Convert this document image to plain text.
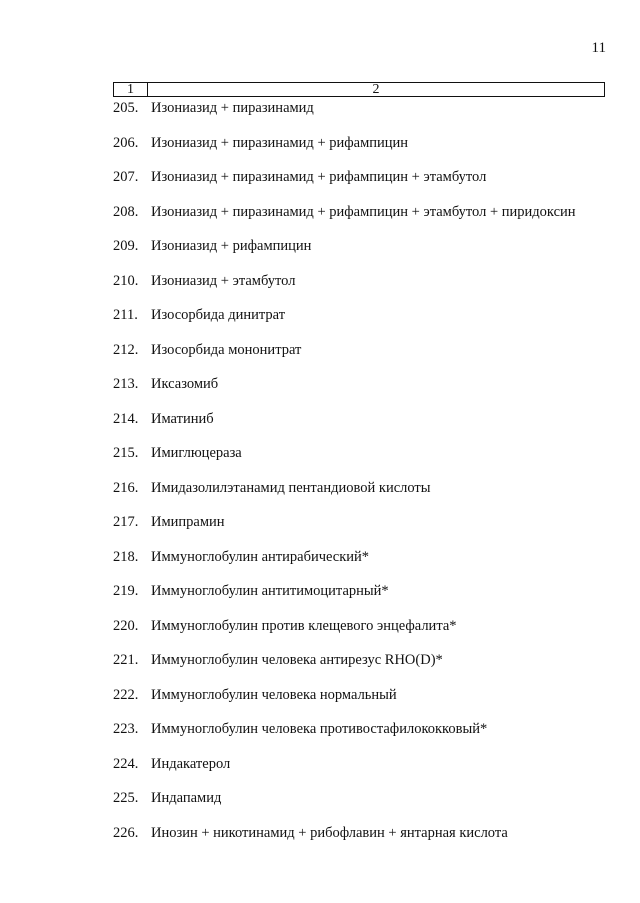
11
1	2
205. Изониазид + пиразинамид
206. Изониазид + пиразинамид + рифампицин
207. Изониазид + пиразинамид + рифампицин + этамбутол
208. Изониазид + пиразинамид + рифампицин + этамбутол + пиридоксин
209. Изониазид + рифампицин
210. Изониазид + этамбутол
211. Изосорбида динитрат
212. Изосорбида мононитрат
213. Иксазомиб
214. Иматиниб
215. Имиглюцераза
216. Имидазолилэтанамид пентандиовой кислоты
217. Имипрамин
218. Иммуноглобулин антирабический*
219. Иммуноглобулин антитимоцитарный*
220. Иммуноглобулин против клещевого энцефалита*
221. Иммуноглобулин человека антирезус RHO(D)*
222. Иммуноглобулин человека нормальный
223. Иммуноглобулин человека противостафилококковый*
224. Индакатерол
225. Индапамид
226. Инозин + никотинамид + рибофлавин + янтарная кислота
